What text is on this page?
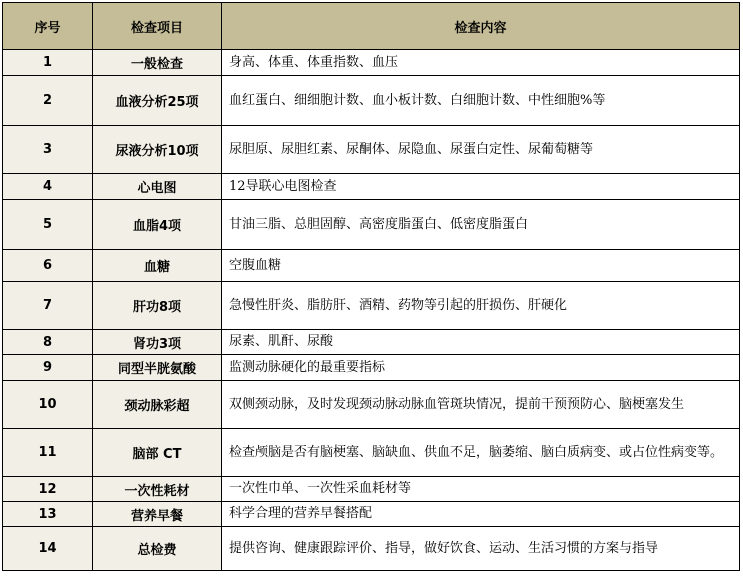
序号	检查项目	检查内容
1	一般检查	身高、体重、体重指数、血压
2	血液分析25项	血红蛋白、细细胞计数、血小板计数、白细胞计数、中性细胞%等
3	尿液分析10项	尿胆原、尿胆红素、尿酮体、尿隐血、尿蛋白定性、尿葡萄糖等
4	心电图	12导联心电图检查
5	血脂4项	甘油三脂、总胆固醇、高密度脂蛋白、低密度脂蛋白
6	血糖	空腹血糖
7	肝功8项	急慢性肝炎、脂肪肝、酒精、药物等引起的肝损伤、肝硬化
8	肾功3项	尿素、肌酐、尿酸
9	同型半胱氨酸	监测动脉硬化的最重要指标
10	颈动脉彩超	双侧颈动脉，及时发现颈动脉动脉血管斑块情况，提前干预预防心、脑梗塞发生
11	脑部 CT	检查颅脑是否有脑梗塞、脑缺血、供血不足，脑萎缩、脑白质病变、或占位性病变等。
12	一次性耗材	一次性巾单、一次性采血耗材等
13	营养早餐	科学合理的营养早餐搭配
14	总检费	提供咨询、健康跟踪评价、指导，做好饮食、运动、生活习惯的方案与指导
